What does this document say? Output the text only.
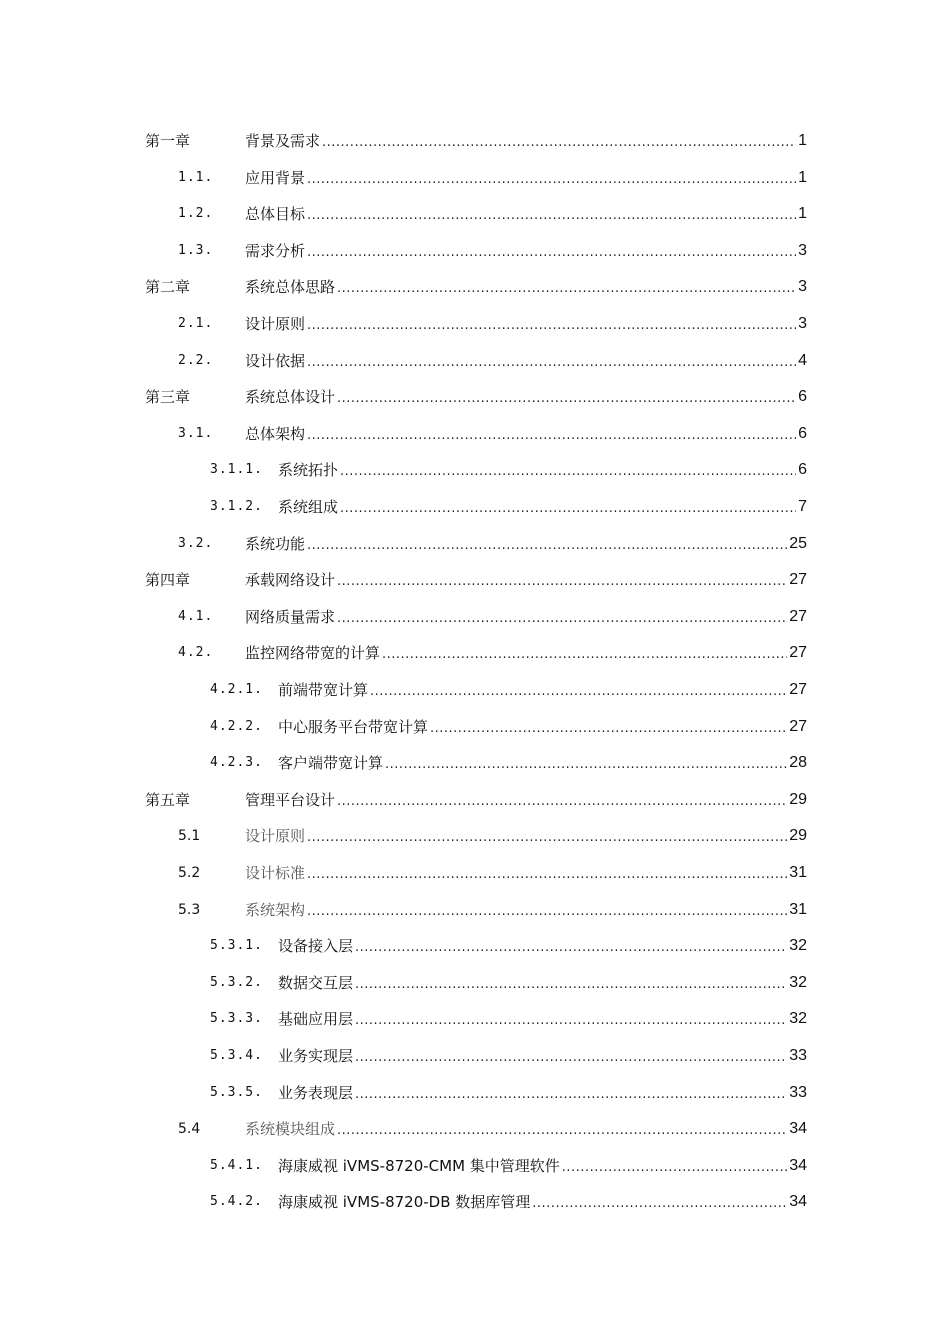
第一章	背景及需求 .....	1
1.1. 应用背景 .....	1
1.2. 总体目标 .....	1
1.3. 需求分析 .....	3
第二章	系统总体思路 .....	3
2.1. 设计原则 .....	3
2.2. 设计依据 .....	4
第三章	系统总体设计 .....	6
3.1. 总体架构 .....	6
3.1.1. 系统拓扑 .....	6
3.1.2. 系统组成 .....	7
3.2. 系统功能 .....	25
第四章	承载网络设计 .....	27
4.1. 网络质量需求 .....	27
4.2. 监控网络带宽的计算 .....	27
4.2.1. 前端带宽计算 .....	27
4.2.2. 中心服务平台带宽计算 .....	27
4.2.3. 客户端带宽计算 .....	28
第五章	管理平台设计 .....	29
5.1	设计原则 .....	29
5.2	设计标准 .....	31
5.3	系统架构 .....	31
5.3.1. 设备接入层 .....	32
5.3.2. 数据交互层 .....	32
5.3.3. 基础应用层 .....	32
5.3.4. 业务实现层 .....	33
5.3.5. 业务表现层 .....	33
5.4	系统模块组成 .....	34
5.4.1. 海康威视 iVMS-8720-CMM 集中管理软件 .....	34
5.4.2. 海康威视 iVMS-8720-DB 数据库管理 .....	34
